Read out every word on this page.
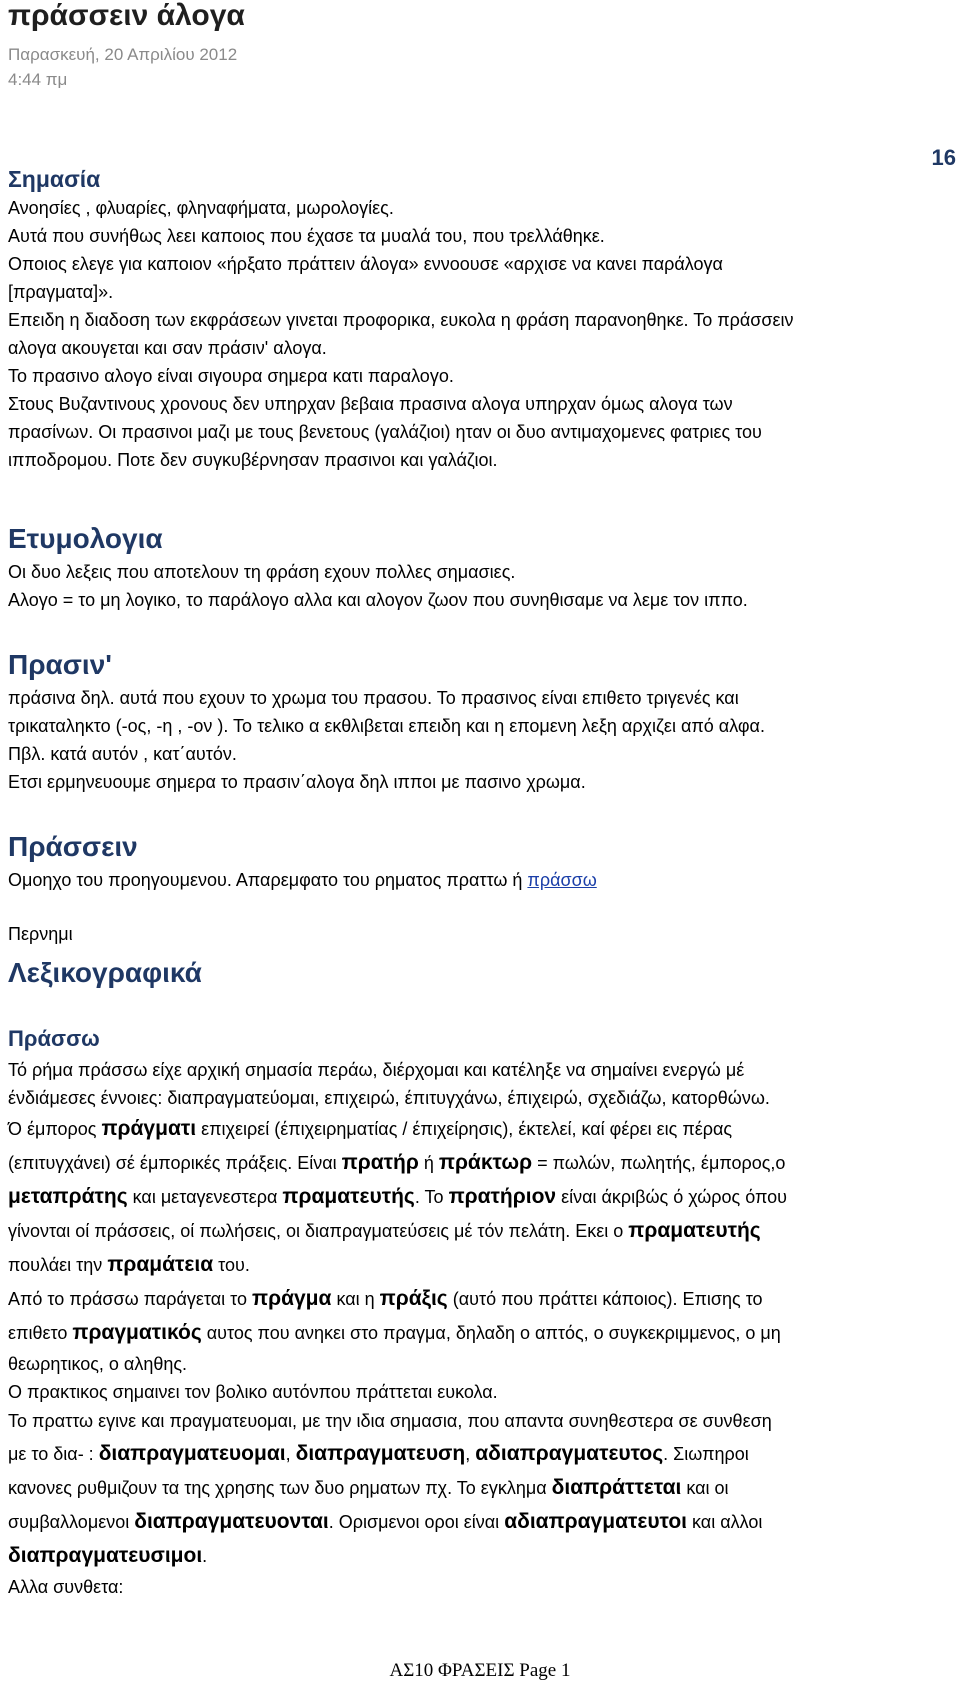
πράσσειν άλογα
Παρασκευή, 20 Απριλίου 2012
4:44 πμ
Σημασία

Ανοησίες , φλυαρίες, φληναφήματα, μωρολογίες.

Αυτά που συνήθως λεει καποιος που έχασε τα μυαλά του, που τρελλάθηκε.

Οποιος ελεγε για καποιον «ήρξατο πράττειν άλογα» εννοουσε «αρχισε να κανει παράλογα

[πραγματα]».

Επειδη η διαδοση των εκφράσεων γινεται προφορικα, ευκολα η φράση παρανοηθηκε. Το πράσσειν

αλογα ακουγεται και σαν πράσιν' αλογα.

Το πρασινο αλογο είναι σιγουρα σημερα κατι παραλογο.

Στους Βυζαντινους χρονους δεν υπηρχαν βεβαια πρασινα αλογα υπηρχαν όμως αλογα των

πρασίνων. Οι πρασινοι μαζι με τους βενετους (γαλάζιοι) ηταν οι δυο αντιμαχομενες φατριες του

ιπποδρομου. Ποτε δεν συγκυβέρνησαν πρασινοι και γαλάζιοι.

Ετυμολογια

Οι δυο λεξεις που αποτελουν τη φράση εχουν πολλες σημασιες.

Αλογο = το μη λογικο, το παράλογο αλλα και αλογον ζωον που συνηθισαμε να λεμε τον ιππο.

Πρασιν'

πράσινα δηλ. αυτά που εχουν το χρωμα του πρασου. Το πρασινος είναι επιθετο τριγενές και

τρικαταληκτο (-ος, -η , -ον ). Το τελικο α εκθλιβεται επειδη και η επομενη λεξη αρχιζει από αλφα.

Πβλ. κατά αυτόν , κατ΄αυτόν.

Ετσι ερμηνευουμε σημερα το πρασιν΄αλογα δηλ ιπποι με πασινο χρωμα.

Πράσσειν

Ομοηχο του προηγουμενου. Απαρεμφατο του ρηματος πραττω ή πράσσω

Περνημι

Λεξικογραφικά
Πράσσω

Τό ρήμα πράσσω είχε αρχική σημασία περάω, διέρχομαι και κατέληξε να σημαίνει ενεργώ μέ

ένδιάμεσες έννοιες: διαπραγματεύομαι, επιχειρώ, έπιτυγχάνω, έπιχειρώ, σχεδιάζω, κατορθώνω.

Ό έμπορος πράγματι επιχειρεί (έπιχειρηματίας / έπιχείρησις), έκτελεί, καί φέρει εις πέρας

(επιτυγχάνει) σέ έμπορικές πράξεις. Είναι πρατήρ ή πράκτωρ = πωλών, πωλητής, έμπορος,ο

μεταπράτης και μεταγενεστερα πραματευτής. Το πρατήριον είναι άκριβώς ό χώρος όπου

γίνονται οί πράσσεις, οί πωλήσεις, οι διαπραγματεύσεις μέ τόν πελάτη. Εκει ο πραματευτής

πουλάει την πραμάτεια του.

Από το πράσσω παράγεται το πράγμα και η πράξις (αυτό που πράττει κάποιος). Επισης το

επιθετο πραγματικός αυτος που ανηκει στο πραγμα, δηλαδη ο απτός, ο συγκεκριμμενος, ο μη

θεωρητικος, ο αληθης.

Ο πρακτικος σημαινει τον βολικο αυτόνπου πράττεται ευκολα.

Το πραττω εγινε και πραγματευομαι, με την ιδια σημασια, που απαντα συνηθεστερα σε συνθεση

με το δια- : διαπραγματευομαι, διαπραγματευση, αδιαπραγματευτος. Σιωπηροι

κανονες ρυθμιζουν τα της χρησης των δυο ρηματων πχ. Το εγκλημα διαπράττεται και οι

συμβαλλομενοι διαπραγματευονται. Ορισμενοι οροι είναι αδιαπραγματευτοι και αλλοι

διαπραγματευσιμοι.

Αλλα συνθετα:

16
ΑΣ10 ΦΡΑΣΕΙΣ Page 1
